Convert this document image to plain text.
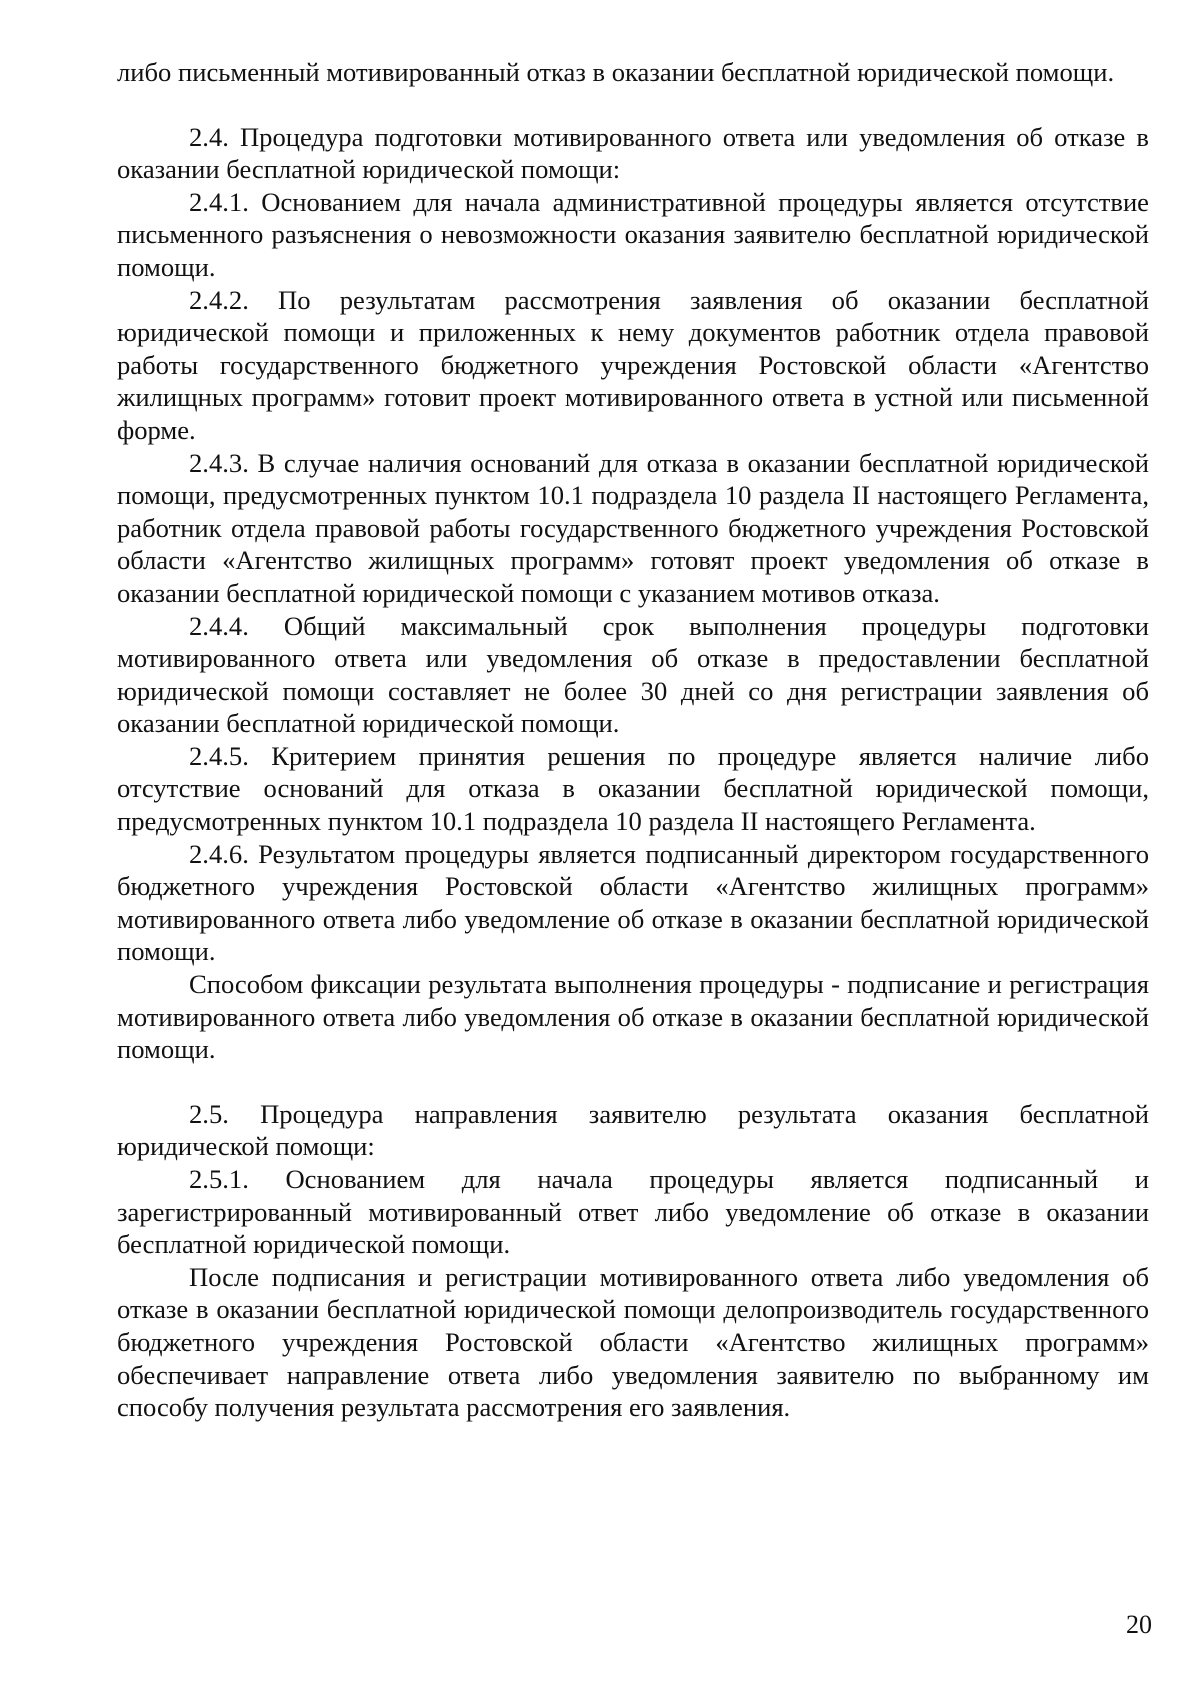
либо письменный мотивированный отказ в оказании бесплатной юридической помощи.

2.4. Процедура подготовки мотивированного ответа или уведомления об отказе в оказании бесплатной юридической помощи:

2.4.1. Основанием для начала административной процедуры является отсутствие письменного разъяснения о невозможности оказания заявителю бесплатной юридической помощи.

2.4.2. По результатам рассмотрения заявления об оказании бесплатной юридической помощи и приложенных к нему документов работник отдела правовой работы государственного бюджетного учреждения Ростовской области «Агентство жилищных программ» готовит проект мотивированного ответа в устной или письменной форме.

2.4.3. В случае наличия оснований для отказа в оказании бесплатной юридической помощи, предусмотренных пунктом 10.1 подраздела 10 раздела II настоящего Регламента, работник отдела правовой работы государственного бюджетного учреждения Ростовской области «Агентство жилищных программ» готовят проект уведомления об отказе в оказании бесплатной юридической помощи с указанием мотивов отказа.

2.4.4. Общий максимальный срок выполнения процедуры подготовки мотивированного ответа или уведомления об отказе в предоставлении бесплатной юридической помощи составляет не более 30 дней со дня регистрации заявления об оказании бесплатной юридической помощи.

2.4.5. Критерием принятия решения по процедуре является наличие либо отсутствие оснований для отказа в оказании бесплатной юридической помощи, предусмотренных пунктом 10.1 подраздела 10 раздела II настоящего Регламента.

2.4.6. Результатом процедуры является подписанный директором государственного бюджетного учреждения Ростовской области «Агентство жилищных программ» мотивированного ответа либо уведомление об отказе в оказании бесплатной юридической помощи.

Способом фиксации результата выполнения процедуры - подписание и регистрация мотивированного ответа либо уведомления об отказе в оказании бесплатной юридической помощи.

2.5. Процедура направления заявителю результата оказания бесплатной юридической помощи:

2.5.1. Основанием для начала процедуры является подписанный и зарегистрированный мотивированный ответ либо уведомление об отказе в оказании бесплатной юридической помощи.

После подписания и регистрации мотивированного ответа либо уведомления об отказе в оказании бесплатной юридической помощи делопроизводитель государственного бюджетного учреждения Ростовской области «Агентство жилищных программ» обеспечивает направление ответа либо уведомления заявителю по выбранному им способу получения результата рассмотрения его заявления.

20
